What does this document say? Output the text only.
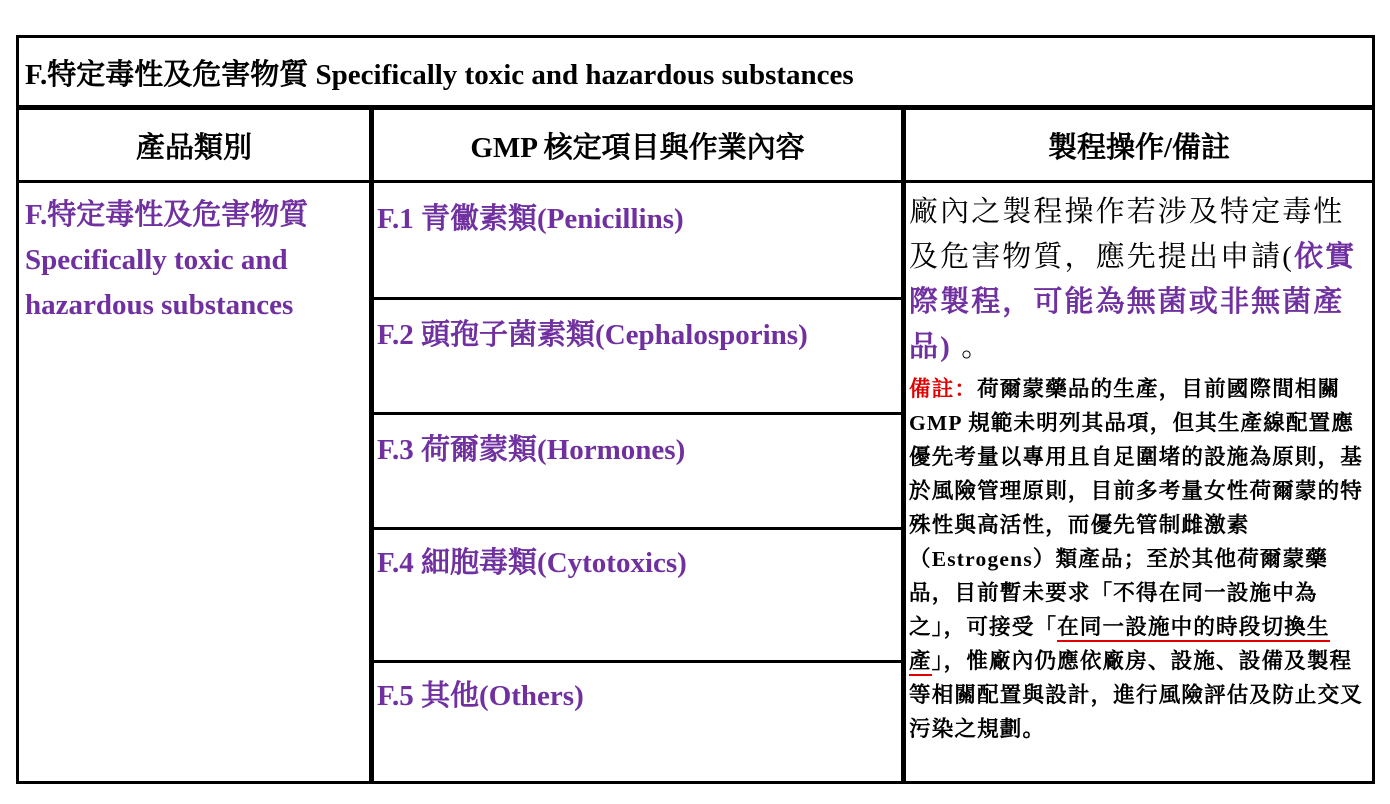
F.特定毒性及危害物質 Specifically toxic and hazardous substances
產品類別	GMP 核定項目與作業內容	製程操作/備註
F.特定毒性及危害物質
Specifically toxic and
hazardous substances
F.1 青黴素類(Penicillins)
F.2 頭孢子菌素類(Cephalosporins)
F.3 荷爾蒙類(Hormones)
F.4 細胞毒類(Cytotoxics)
F.5 其他(Others)
廠內之製程操作若涉及特定毒性及危害物質，應先提出申請(依實際製程，可能為無菌或非無菌產品) 。
備註：荷爾蒙藥品的生產，目前國際間相關 GMP 規範未明列其品項，但其生產線配置應優先考量以專用且自足圍堵的設施為原則，基於風險管理原則，目前多考量女性荷爾蒙的特殊性與高活性，而優先管制雌激素（Estrogens）類產品；至於其他荷爾蒙藥品，目前暫未要求「不得在同一設施中為之」，可接受「在同一設施中的時段切換生產」，惟廠內仍應依廠房、設施、設備及製程等相關配置與設計，進行風險評估及防止交叉污染之規劃。
